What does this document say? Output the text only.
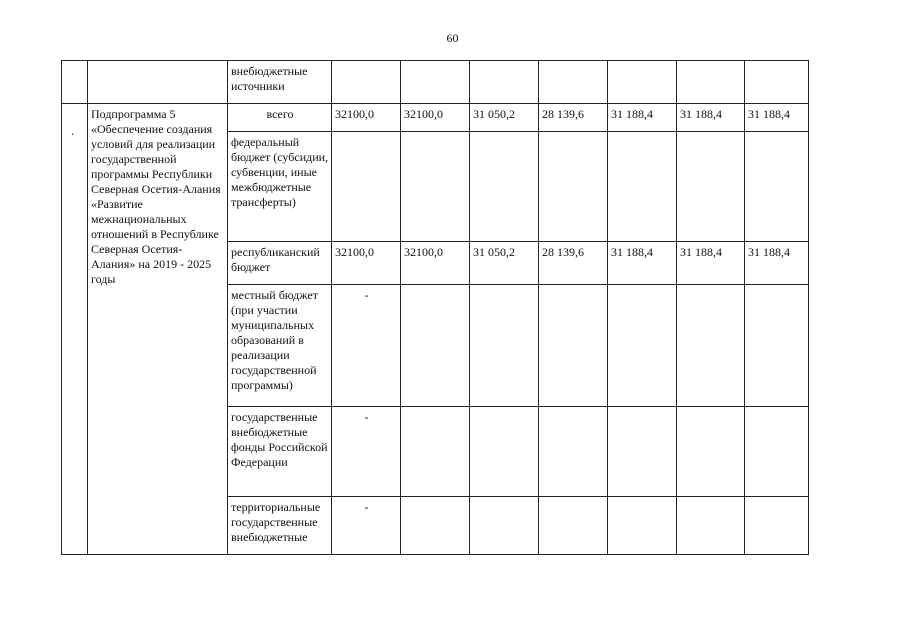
60
.
		внебюджетные источники							
	Подпрограмма 5 «Обеспечение создания условий для реализации государственной программы Республики Северная Осетия-Алания «Развитие межнациональных отношений в Республике Северная Осетия-Алания» на 2019 - 2025 годы	всего	32100,0	32100,0	31 050,2	28 139,6	31 188,4	31 188,4	31 188,4
		федеральный бюджет (субсидии, субвенции, иные межбюджетные трансферты)							
		республиканский бюджет	32100,0	32100,0	31 050,2	28 139,6	31 188,4	31 188,4	31 188,4
		местный бюджет (при участии муниципальных образований в реализации государственной программы)	-						
		государственные внебюджетные фонды Российской Федерации	-						
		территориальные государственные внебюджетные	-						
